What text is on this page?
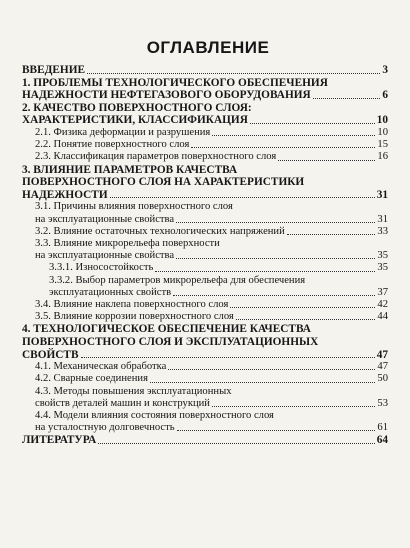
ОГЛАВЛЕНИЕ
ВВЕДЕНИЕ	3
1. ПРОБЛЕМЫ ТЕХНОЛОГИЧЕСКОГО ОБЕСПЕЧЕНИЯ
НАДЕЖНОСТИ НЕФТЕГАЗОВОГО ОБОРУДОВАНИЯ	6
2. КАЧЕСТВО ПОВЕРХНОСТНОГО СЛОЯ:
ХАРАКТЕРИСТИКИ, КЛАССИФИКАЦИЯ	10
2.1. Физика деформации и разрушения	10
2.2. Понятие поверхностного слоя	15
2.3. Классификация параметров поверхностного слоя	16
3. ВЛИЯНИЕ ПАРАМЕТРОВ КАЧЕСТВА
ПОВЕРХНОСТНОГО СЛОЯ НА ХАРАКТЕРИСТИКИ
НАДЕЖНОСТИ	31
3.1. Причины влияния поверхностного слоя
на эксплуатационные свойства	31
3.2. Влияние остаточных технологических напряжений	33
3.3. Влияние микрорельефа поверхности
на эксплуатационные свойства	35
3.3.1. Износостойкость	35
3.3.2. Выбор параметров микрорельефа для обеспечения
эксплуатационных свойств	37
3.4. Влияние наклепа поверхностного слоя	42
3.5. Влияние коррозии поверхностного слоя	44
4. ТЕХНОЛОГИЧЕСКОЕ ОБЕСПЕЧЕНИЕ КАЧЕСТВА
ПОВЕРХНОСТНОГО СЛОЯ И ЭКСПЛУАТАЦИОННЫХ
СВОЙСТВ	47
4.1. Механическая обработка	47
4.2. Сварные соединения	50
4.3. Методы повышения эксплуатационных
свойств деталей машин и конструкций	53
4.4. Модели влияния состояния поверхностного слоя
на усталостную долговечность	61
ЛИТЕРАТУРА	64
